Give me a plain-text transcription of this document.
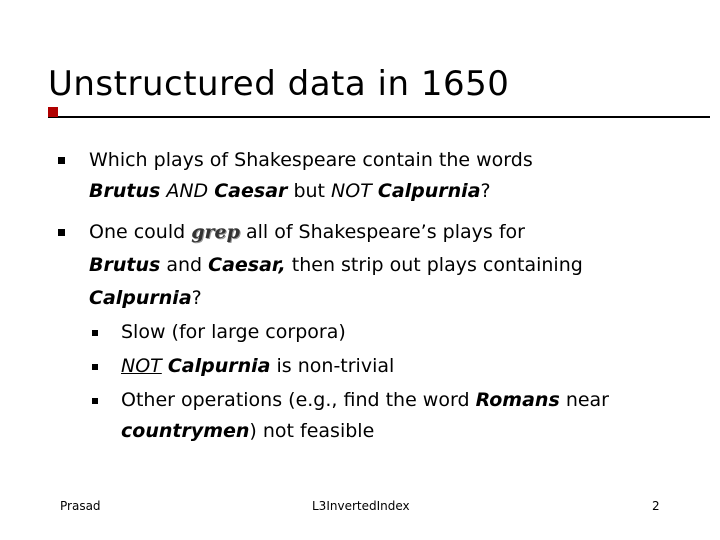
Unstructured data in 1650
Which plays of Shakespeare contain the words
Brutus AND Caesar but NOT Calpurnia?
One could grep all of Shakespeare’s plays for
Brutus and Caesar, then strip out plays containing
Calpurnia?
Slow (for large corpora)
NOT Calpurnia is non-trivial
Other operations (e.g., find the word Romans near
countrymen) not feasible
Prasad	L3InvertedIndex	2
